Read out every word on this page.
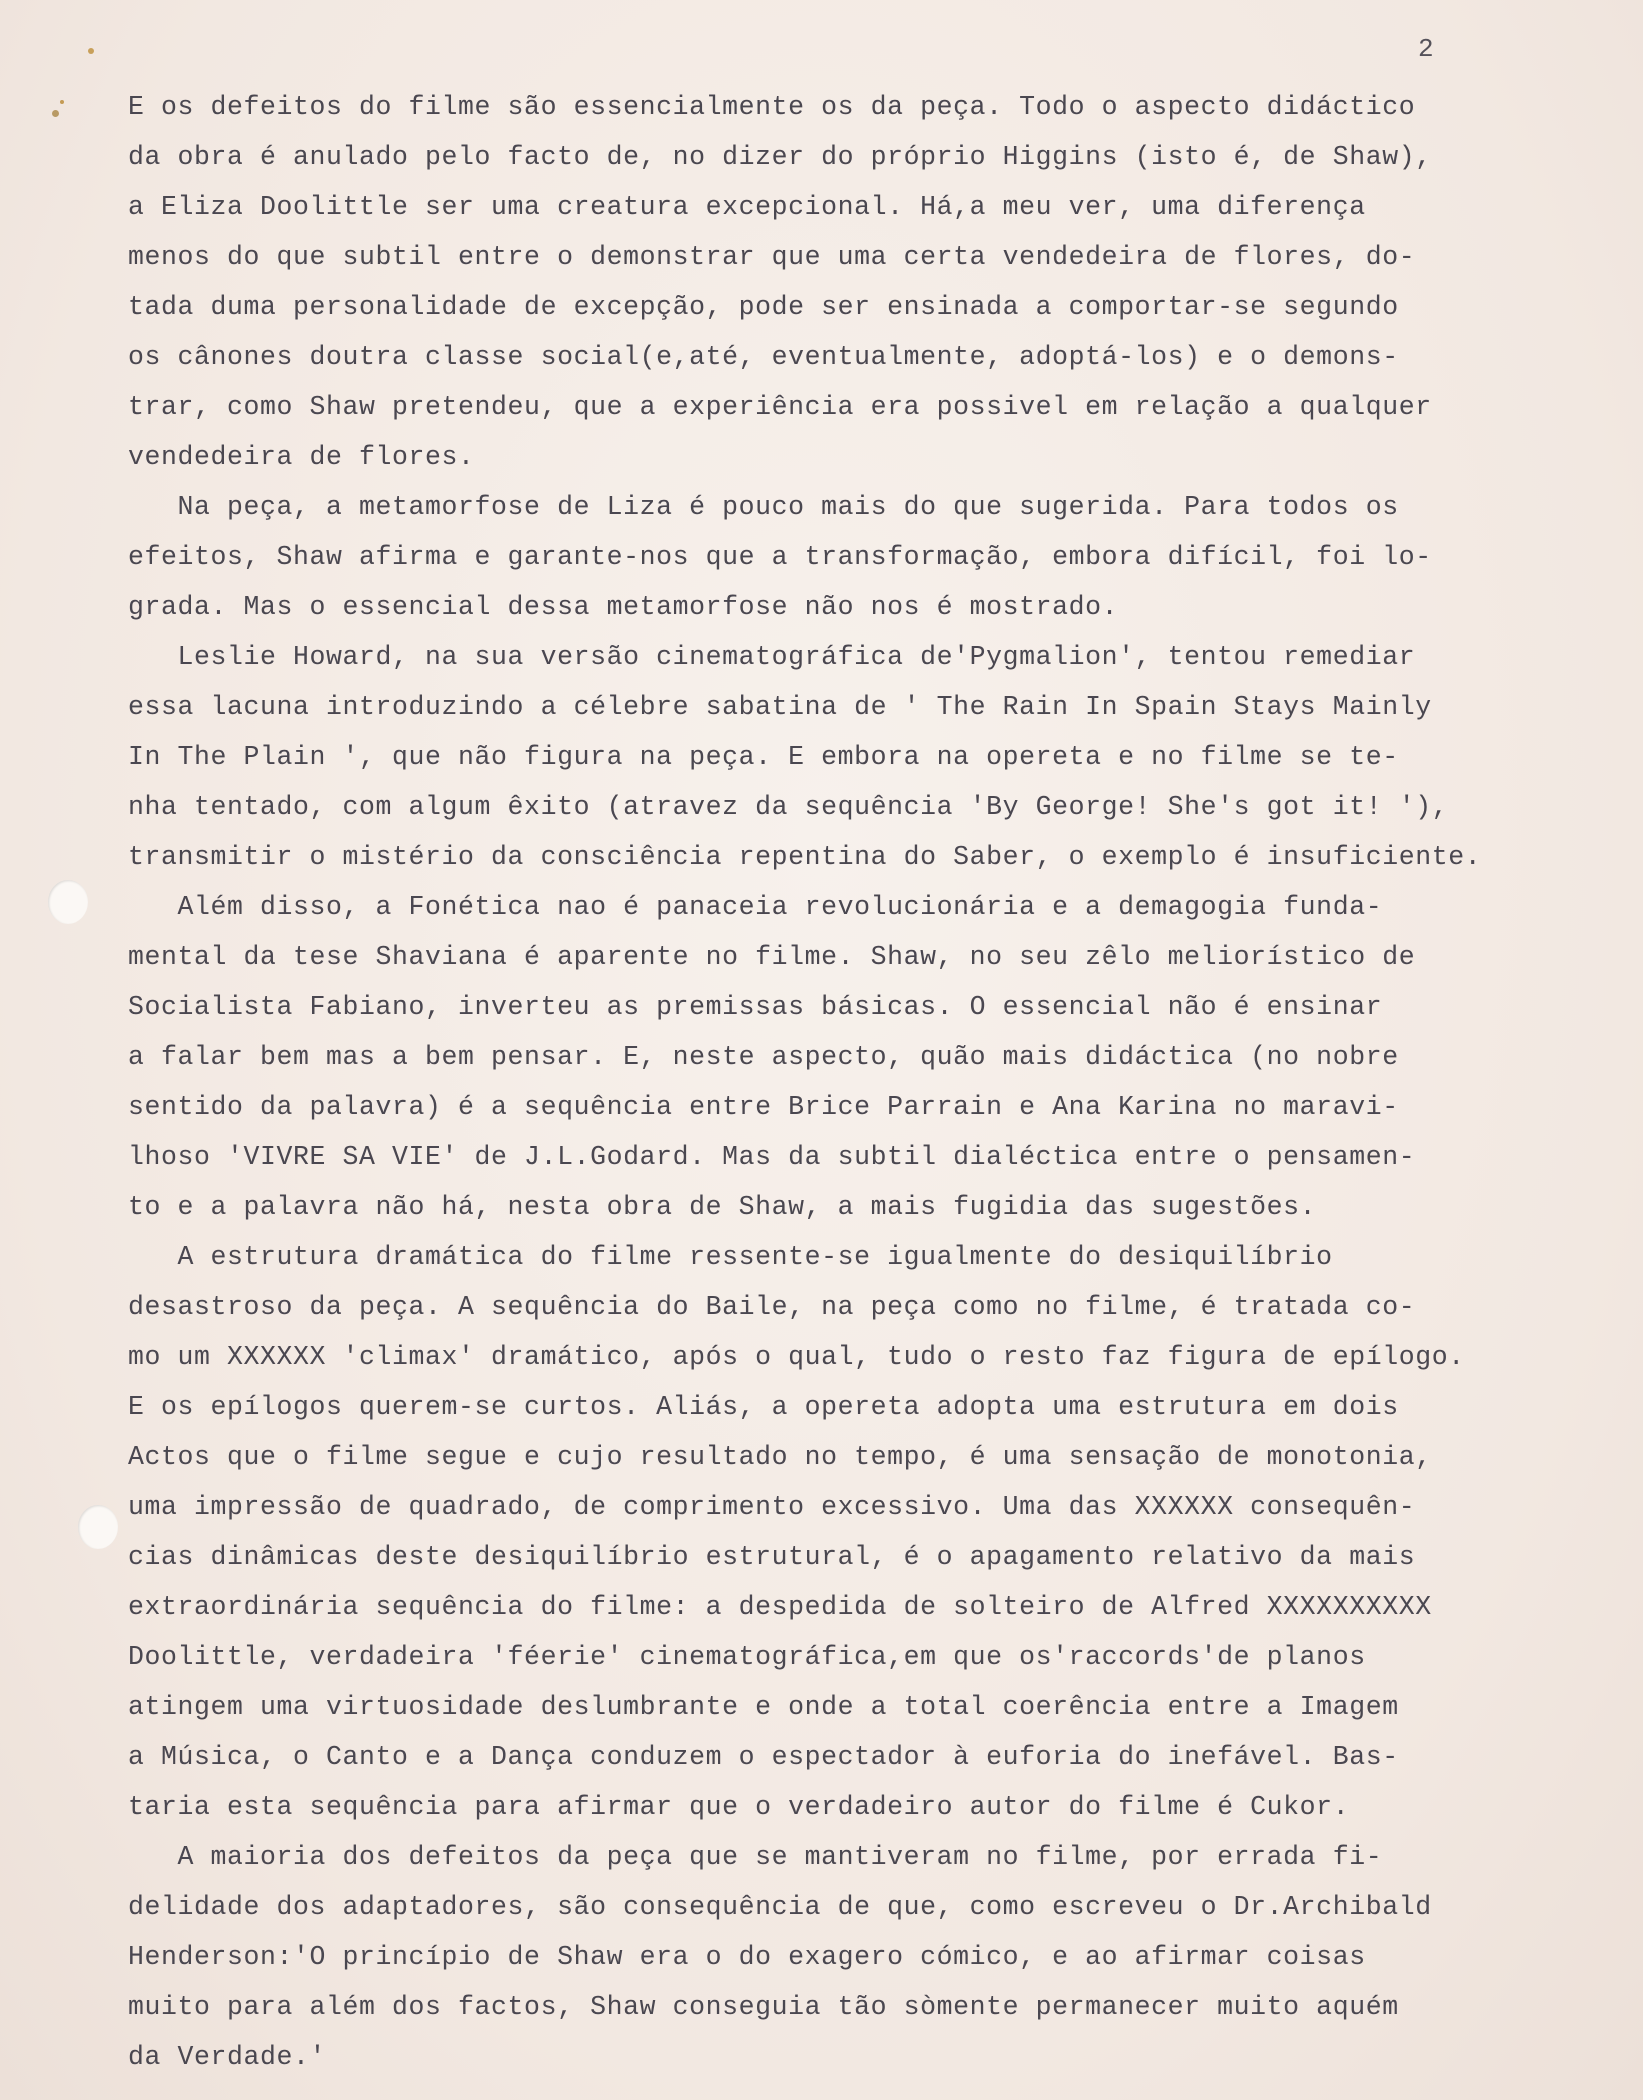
2
E os defeitos do filme são essencialmente os da peça. Todo o aspecto didáctico
da obra é anulado pelo facto de, no dizer do próprio Higgins (isto é, de Shaw),
a Eliza Doolittle ser uma creatura excepcional. Há,a meu ver, uma diferença
menos do que subtil entre o demonstrar que uma certa vendedeira de flores, do-
tada duma personalidade de excepção, pode ser ensinada a comportar-se segundo
os cânones doutra classe social(e,até, eventualmente, adoptá-los) e o demons-
trar, como Shaw pretendeu, que a experiência era possivel em relação a qualquer
vendedeira de flores.
Na peça, a metamorfose de Liza é pouco mais do que sugerida. Para todos os
efeitos, Shaw afirma e garante-nos que a transformação, embora difícil, foi lo-
grada. Mas o essencial dessa metamorfose não nos é mostrado.
Leslie Howard, na sua versão cinematográfica de'Pygmalion', tentou remediar
essa lacuna introduzindo a célebre sabatina de ' The Rain In Spain Stays Mainly
In The Plain ', que não figura na peça. E embora na opereta e no filme se te-
nha tentado, com algum êxito (atravez da sequência 'By George! She's got it! '),
transmitir o mistério da consciência repentina do Saber, o exemplo é insuficiente.
Além disso, a Fonética nao é panaceia revolucionária e a demagogia funda-
mental da tese Shaviana é aparente no filme. Shaw, no seu zêlo meliorístico de
Socialista Fabiano, inverteu as premissas básicas. O essencial não é ensinar
a falar bem mas a bem pensar. E, neste aspecto, quão mais didáctica (no nobre
sentido da palavra) é a sequência entre Brice Parrain e Ana Karina no maravi-
lhoso 'VIVRE SA VIE' de J.L.Godard. Mas da subtil dialéctica entre o pensamen-
to e a palavra não há, nesta obra de Shaw, a mais fugidia das sugestões.
A estrutura dramática do filme ressente-se igualmente do desiquilíbrio
desastroso da peça. A sequência do Baile, na peça como no filme, é tratada co-
mo um XXXXXX 'climax' dramático, após o qual, tudo o resto faz figura de epílogo.
E os epílogos querem-se curtos. Aliás, a opereta adopta uma estrutura em dois
Actos que o filme segue e cujo resultado no tempo, é uma sensação de monotonia,
uma impressão de quadrado, de comprimento excessivo. Uma das XXXXXX consequên-
cias dinâmicas deste desiquilíbrio estrutural, é o apagamento relativo da mais
extraordinária sequência do filme: a despedida de solteiro de Alfred XXXXXXXXXX
Doolittle, verdadeira 'féerie' cinematográfica,em que os'raccords'de planos
atingem uma virtuosidade deslumbrante e onde a total coerência entre a Imagem
a Música, o Canto e a Dança conduzem o espectador à euforia do inefável. Bas-
taria esta sequência para afirmar que o verdadeiro autor do filme é Cukor.
A maioria dos defeitos da peça que se mantiveram no filme, por errada fi-
delidade dos adaptadores, são consequência de que, como escreveu o Dr.Archibald
Henderson:'O princípio de Shaw era o do exagero cómico, e ao afirmar coisas
muito para além dos factos, Shaw conseguia tão sòmente permanecer muito aquém
da Verdade.'
